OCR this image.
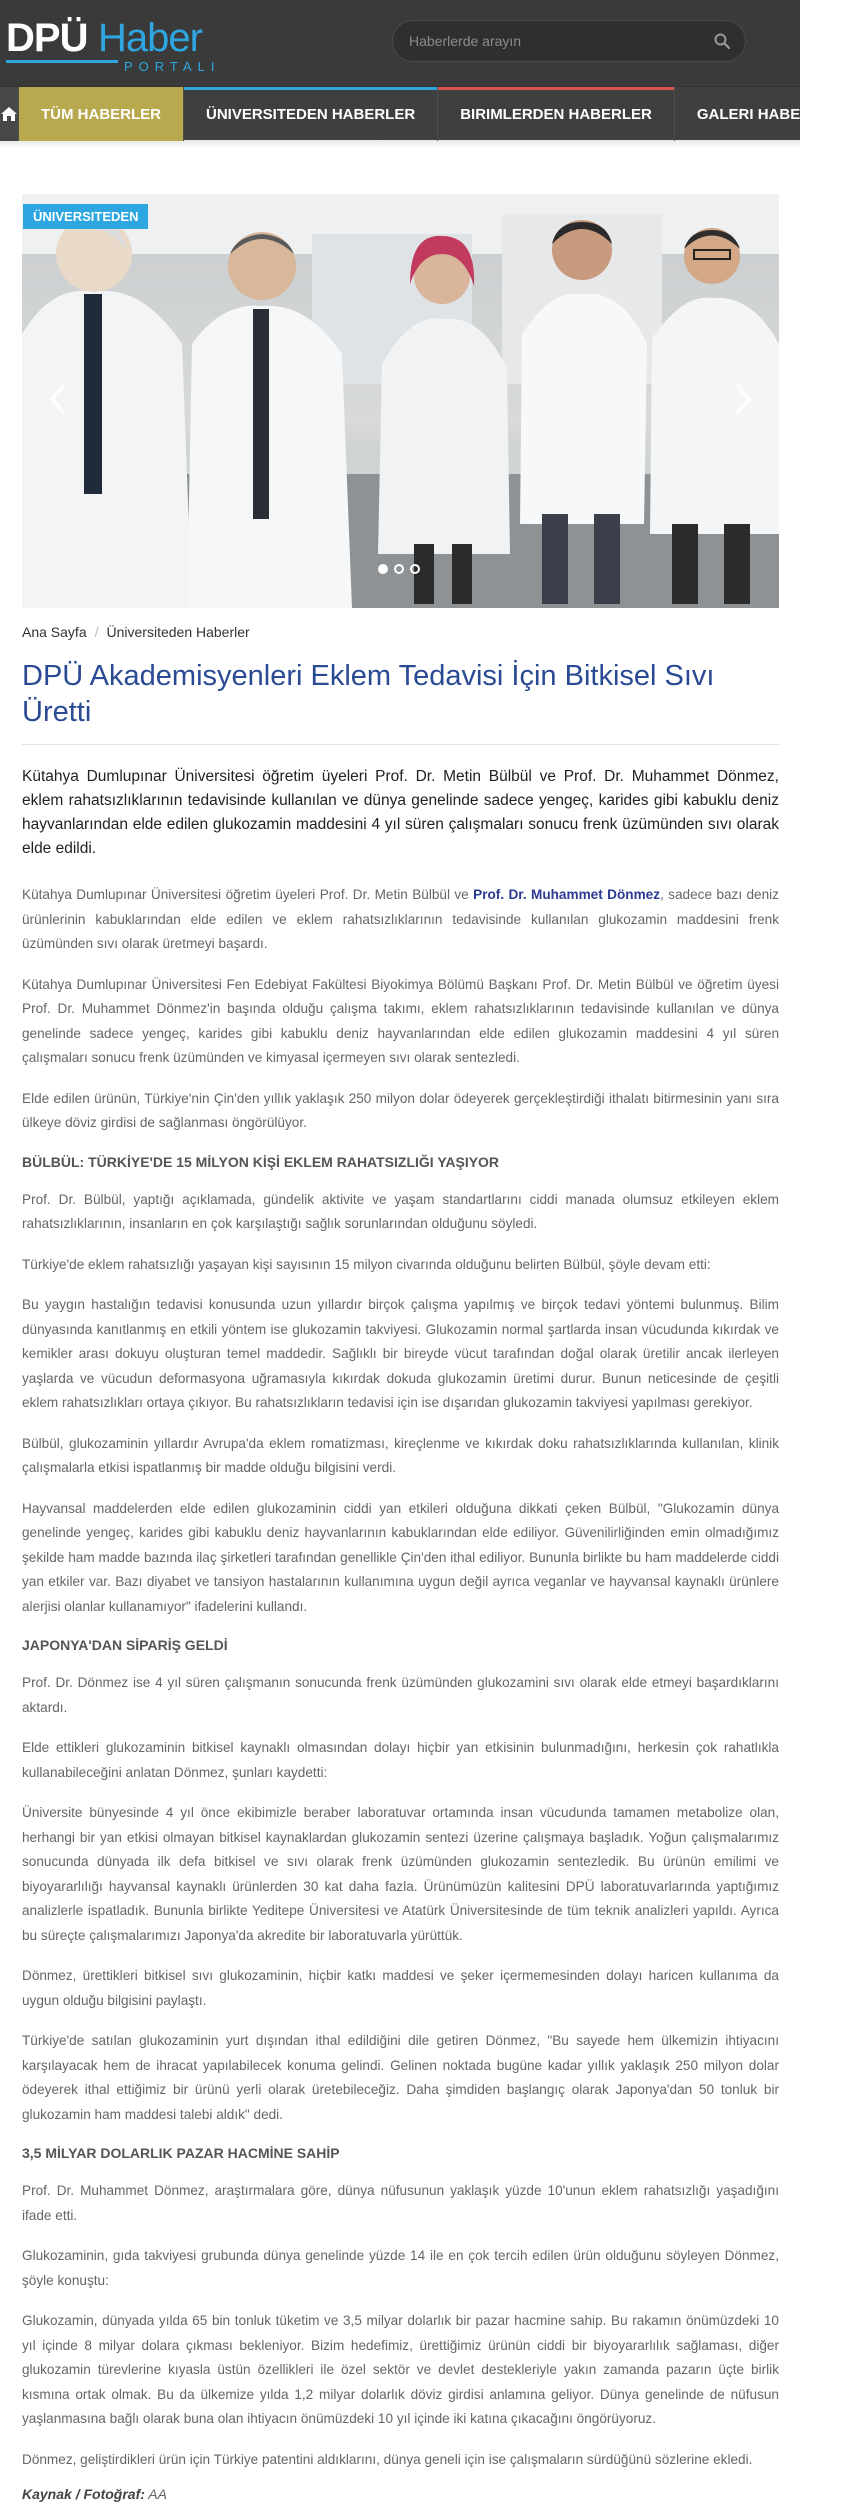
DPÜ Haber
PORTALI
Haberlerde arayın
TÜM HABERLER	ÜNIVERSITEDEN HABERLER	BIRIMLERDEN HABERLER	GALERI HABERLER
ÜNIVERSITEDEN
Ana Sayfa / Üniversiteden Haberler
DPÜ Akademisyenleri Eklem Tedavisi İçin Bitkisel Sıvı Üretti

Kütahya Dumlupınar Üniversitesi öğretim üyeleri Prof. Dr. Metin Bülbül ve Prof. Dr. Muhammet Dönmez, eklem rahatsızlıklarının tedavisinde kullanılan ve dünya genelinde sadece yengeç, karides gibi kabuklu deniz hayvanlarından elde edilen glukozamin maddesini 4 yıl süren çalışmaları sonucu frenk üzümünden sıvı olarak elde edildi.

Kütahya Dumlupınar Üniversitesi öğretim üyeleri Prof. Dr. Metin Bülbül ve Prof. Dr. Muhammet Dönmez, sadece bazı deniz ürünlerinin kabuklarından elde edilen ve eklem rahatsızlıklarının tedavisinde kullanılan glukozamin maddesini frenk üzümünden sıvı olarak üretmeyi başardı.

Kütahya Dumlupınar Üniversitesi Fen Edebiyat Fakültesi Biyokimya Bölümü Başkanı Prof. Dr. Metin Bülbül ve öğretim üyesi Prof. Dr. Muhammet Dönmez'in başında olduğu çalışma takımı, eklem rahatsızlıklarının tedavisinde kullanılan ve dünya genelinde sadece yengeç, karides gibi kabuklu deniz hayvanlarından elde edilen glukozamin maddesini 4 yıl süren çalışmaları sonucu frenk üzümünden ve kimyasal içermeyen sıvı olarak sentezledi.

Elde edilen ürünün, Türkiye'nin Çin'den yıllık yaklaşık 250 milyon dolar ödeyerek gerçekleştirdiği ithalatı bitirmesinin yanı sıra ülkeye döviz girdisi de sağlanması öngörülüyor.

BÜLBÜL: TÜRKİYE'DE 15 MİLYON KİŞİ EKLEM RAHATSIZLIĞI YAŞIYOR

Prof. Dr. Bülbül, yaptığı açıklamada, gündelik aktivite ve yaşam standartlarını ciddi manada olumsuz etkileyen eklem rahatsızlıklarının, insanların en çok karşılaştığı sağlık sorunlarından olduğunu söyledi.

Türkiye'de eklem rahatsızlığı yaşayan kişi sayısının 15 milyon civarında olduğunu belirten Bülbül, şöyle devam etti:

Bu yaygın hastalığın tedavisi konusunda uzun yıllardır birçok çalışma yapılmış ve birçok tedavi yöntemi bulunmuş. Bilim dünyasında kanıtlanmış en etkili yöntem ise glukozamin takviyesi. Glukozamin normal şartlarda insan vücudunda kıkırdak ve kemikler arası dokuyu oluşturan temel maddedir. Sağlıklı bir bireyde vücut tarafından doğal olarak üretilir ancak ilerleyen yaşlarda ve vücudun deformasyona uğramasıyla kıkırdak dokuda glukozamin üretimi durur. Bunun neticesinde de çeşitli eklem rahatsızlıkları ortaya çıkıyor. Bu rahatsızlıkların tedavisi için ise dışarıdan glukozamin takviyesi yapılması gerekiyor.

Bülbül, glukozaminin yıllardır Avrupa'da eklem romatizması, kireçlenme ve kıkırdak doku rahatsızlıklarında kullanılan, klinik çalışmalarla etkisi ispatlanmış bir madde olduğu bilgisini verdi.

Hayvansal maddelerden elde edilen glukozaminin ciddi yan etkileri olduğuna dikkati çeken Bülbül, "Glukozamin dünya genelinde yengeç, karides gibi kabuklu deniz hayvanlarının kabuklarından elde ediliyor. Güvenilirliğinden emin olmadığımız şekilde ham madde bazında ilaç şirketleri tarafından genellikle Çin'den ithal ediliyor. Bununla birlikte bu ham maddelerde ciddi yan etkiler var. Bazı diyabet ve tansiyon hastalarının kullanımına uygun değil ayrıca veganlar ve hayvansal kaynaklı ürünlere alerjisi olanlar kullanamıyor" ifadelerini kullandı.

JAPONYA'DAN SİPARİŞ GELDİ

Prof. Dr. Dönmez ise 4 yıl süren çalışmanın sonucunda frenk üzümünden glukozamini sıvı olarak elde etmeyi başardıklarını aktardı.

Elde ettikleri glukozaminin bitkisel kaynaklı olmasından dolayı hiçbir yan etkisinin bulunmadığını, herkesin çok rahatlıkla kullanabileceğini anlatan Dönmez, şunları kaydetti:

Üniversite bünyesinde 4 yıl önce ekibimizle beraber laboratuvar ortamında insan vücudunda tamamen metabolize olan, herhangi bir yan etkisi olmayan bitkisel kaynaklardan glukozamin sentezi üzerine çalışmaya başladık. Yoğun çalışmalarımız sonucunda dünyada ilk defa bitkisel ve sıvı olarak frenk üzümünden glukozamin sentezledik. Bu ürünün emilimi ve biyoyararlılığı hayvansal kaynaklı ürünlerden 30 kat daha fazla. Ürünümüzün kalitesini DPÜ laboratuvarlarında yaptığımız analizlerle ispatladık. Bununla birlikte Yeditepe Üniversitesi ve Atatürk Üniversitesinde de tüm teknik analizleri yapıldı. Ayrıca bu süreçte çalışmalarımızı Japonya'da akredite bir laboratuvarla yürüttük.

Dönmez, ürettikleri bitkisel sıvı glukozaminin, hiçbir katkı maddesi ve şeker içermemesinden dolayı haricen kullanıma da uygun olduğu bilgisini paylaştı.

Türkiye'de satılan glukozaminin yurt dışından ithal edildiğini dile getiren Dönmez, "Bu sayede hem ülkemizin ihtiyacını karşılayacak hem de ihracat yapılabilecek konuma gelindi. Gelinen noktada bugüne kadar yıllık yaklaşık 250 milyon dolar ödeyerek ithal ettiğimiz bir ürünü yerli olarak üretebileceğiz. Daha şimdiden başlangıç olarak Japonya'dan 50 tonluk bir glukozamin ham maddesi talebi aldık" dedi.

3,5 MİLYAR DOLARLIK PAZAR HACMİNE SAHİP

Prof. Dr. Muhammet Dönmez, araştırmalara göre, dünya nüfusunun yaklaşık yüzde 10'unun eklem rahatsızlığı yaşadığını ifade etti.

Glukozaminin, gıda takviyesi grubunda dünya genelinde yüzde 14 ile en çok tercih edilen ürün olduğunu söyleyen Dönmez, şöyle konuştu:

Glukozamin, dünyada yılda 65 bin tonluk tüketim ve 3,5 milyar dolarlık bir pazar hacmine sahip. Bu rakamın önümüzdeki 10 yıl içinde 8 milyar dolara çıkması bekleniyor. Bizim hedefimiz, ürettiğimiz ürünün ciddi bir biyoyararlılık sağlaması, diğer glukozamin türevlerine kıyasla üstün özellikleri ile özel sektör ve devlet destekleriyle yakın zamanda pazarın üçte birlik kısmına ortak olmak. Bu da ülkemize yılda 1,2 milyar dolarlık döviz girdisi anlamına geliyor. Dünya genelinde de nüfusun yaşlanmasına bağlı olarak buna olan ihtiyacın önümüzdeki 10 yıl içinde iki katına çıkacağını öngörüyoruz.

Dönmez, geliştirdikleri ürün için Türkiye patentini aldıklarını, dünya geneli için ise çalışmaların sürdüğünü sözlerine ekledi.

Kaynak / Fotoğraf: AA
